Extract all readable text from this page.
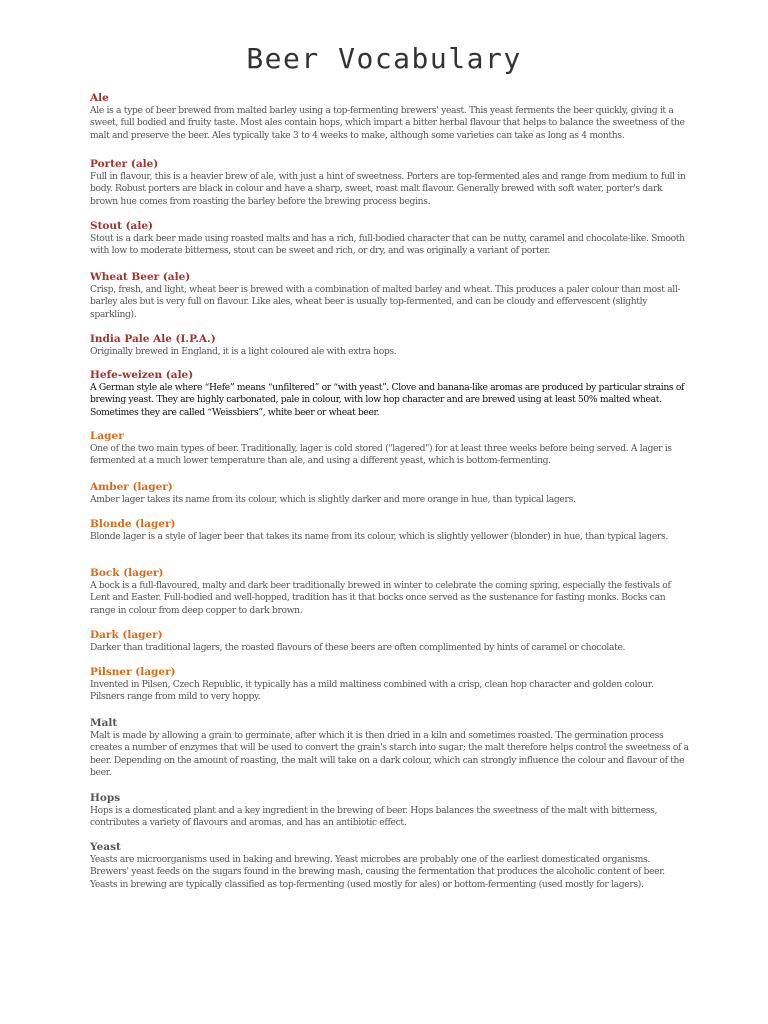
Beer Vocabulary
Ale
Ale is a type of beer brewed from malted barley using a top-fermenting brewers' yeast. This yeast ferments the beer quickly, giving it a sweet, full bodied and fruity taste. Most ales contain hops, which impart a bitter herbal flavour that helps to balance the sweetness of the malt and preserve the beer. Ales typically take 3 to 4 weeks to make, although some varieties can take as long as 4 months.
Porter (ale)
Full in flavour, this is a heavier brew of ale, with just a hint of sweetness. Porters are top-fermented ales and range from medium to full in body. Robust porters are black in colour and have a sharp, sweet, roast malt flavour. Generally brewed with soft water, porter's dark brown hue comes from roasting the barley before the brewing process begins.
Stout (ale)
Stout is a dark beer made using roasted malts and has a rich, full-bodied character that can be nutty, caramel and chocolate-like. Smooth with low to moderate bitterness, stout can be sweet and rich, or dry, and was originally a variant of porter.
Wheat Beer (ale)
Crisp, fresh, and light, wheat beer is brewed with a combination of malted barley and wheat. This produces a paler colour than most all-barley ales but is very full on flavour. Like ales, wheat beer is usually top-fermented, and can be cloudy and effervescent (slightly sparkling).
India Pale Ale (I.P.A.)
Originally brewed in England, it is a light coloured ale with extra hops.
Hefe-weizen (ale)
A German style ale where “Hefe” means “unfiltered” or “with yeast”. Clove and banana-like aromas are produced by particular strains of brewing yeast. They are highly carbonated, pale in colour, with low hop character and are brewed using at least 50% malted wheat. Sometimes they are called “Weissbiers”, white beer or wheat beer.
Lager
One of the two main types of beer. Traditionally, lager is cold stored ("lagered") for at least three weeks before being served. A lager is fermented at a much lower temperature than ale, and using a different yeast, which is bottom-fermenting.
Amber (lager)
Amber lager takes its name from its colour, which is slightly darker and more orange in hue, than typical lagers.
Blonde (lager)
Blonde lager is a style of lager beer that takes its name from its colour, which is slightly yellower (blonder) in hue, than typical lagers.
Bock (lager)
A bock is a full-flavoured, malty and dark beer traditionally brewed in winter to celebrate the coming spring, especially the festivals of Lent and Easter. Full-bodied and well-hopped, tradition has it that bocks once served as the sustenance for fasting monks. Bocks can range in colour from deep copper to dark brown.
Dark (lager)
Darker than traditional lagers, the roasted flavours of these beers are often complimented by hints of caramel or chocolate.
Pilsner (lager)
Invented in Pilsen, Czech Republic, it typically has a mild maltiness combined with a crisp, clean hop character and golden colour. Pilsners range from mild to very hoppy.
Malt
Malt is made by allowing a grain to germinate, after which it is then dried in a kiln and sometimes roasted. The germination process creates a number of enzymes that will be used to convert the grain's starch into sugar; the malt therefore helps control the sweetness of a beer. Depending on the amount of roasting, the malt will take on a dark colour, which can strongly influence the colour and flavour of the beer.
Hops
Hops is a domesticated plant and a key ingredient in the brewing of beer. Hops balances the sweetness of the malt with bitterness, contributes a variety of flavours and aromas, and has an antibiotic effect.
Yeast
Yeasts are microorganisms used in baking and brewing. Yeast microbes are probably one of the earliest domesticated organisms. Brewers' yeast feeds on the sugars found in the brewing mash, causing the fermentation that produces the alcoholic content of beer. Yeasts in brewing are typically classified as top-fermenting (used mostly for ales) or bottom-fermenting (used mostly for lagers).
